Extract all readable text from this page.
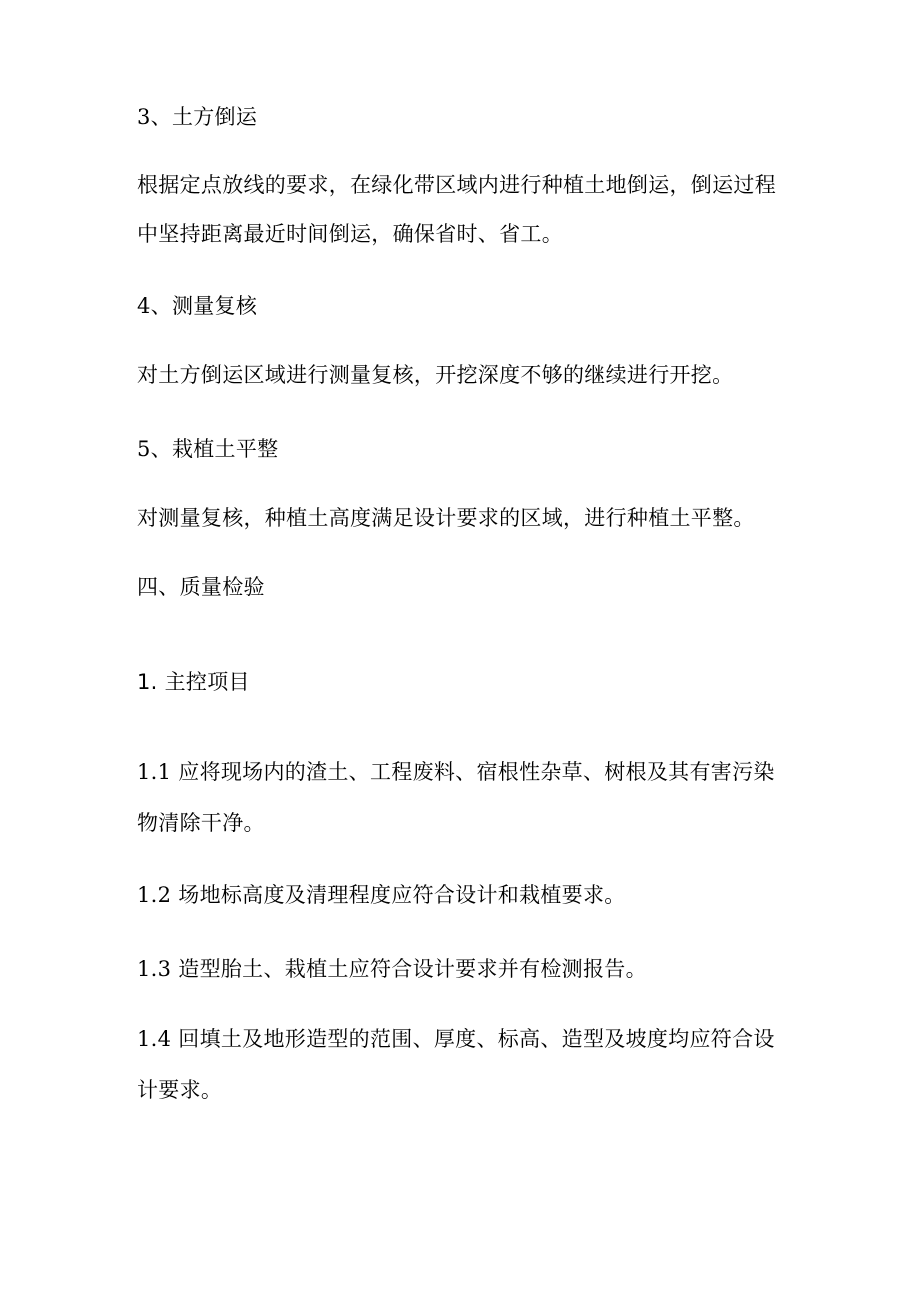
3、土方倒运
根据定点放线的要求，在绿化带区域内进行种植土地倒运，倒运过程
中坚持距离最近时间倒运，确保省时、省工。
4、测量复核
对土方倒运区域进行测量复核，开挖深度不够的继续进行开挖。
5、栽植土平整
对测量复核，种植土高度满足设计要求的区域，进行种植土平整。
四、质量检验
1. 主控项目
1.1 应将现场内的渣土、工程废料、宿根性杂草、树根及其有害污染
物清除干净。
1.2 场地标高度及清理程度应符合设计和栽植要求。
1.3 造型胎土、栽植土应符合设计要求并有检测报告。
1.4 回填土及地形造型的范围、厚度、标高、造型及坡度均应符合设
计要求。
